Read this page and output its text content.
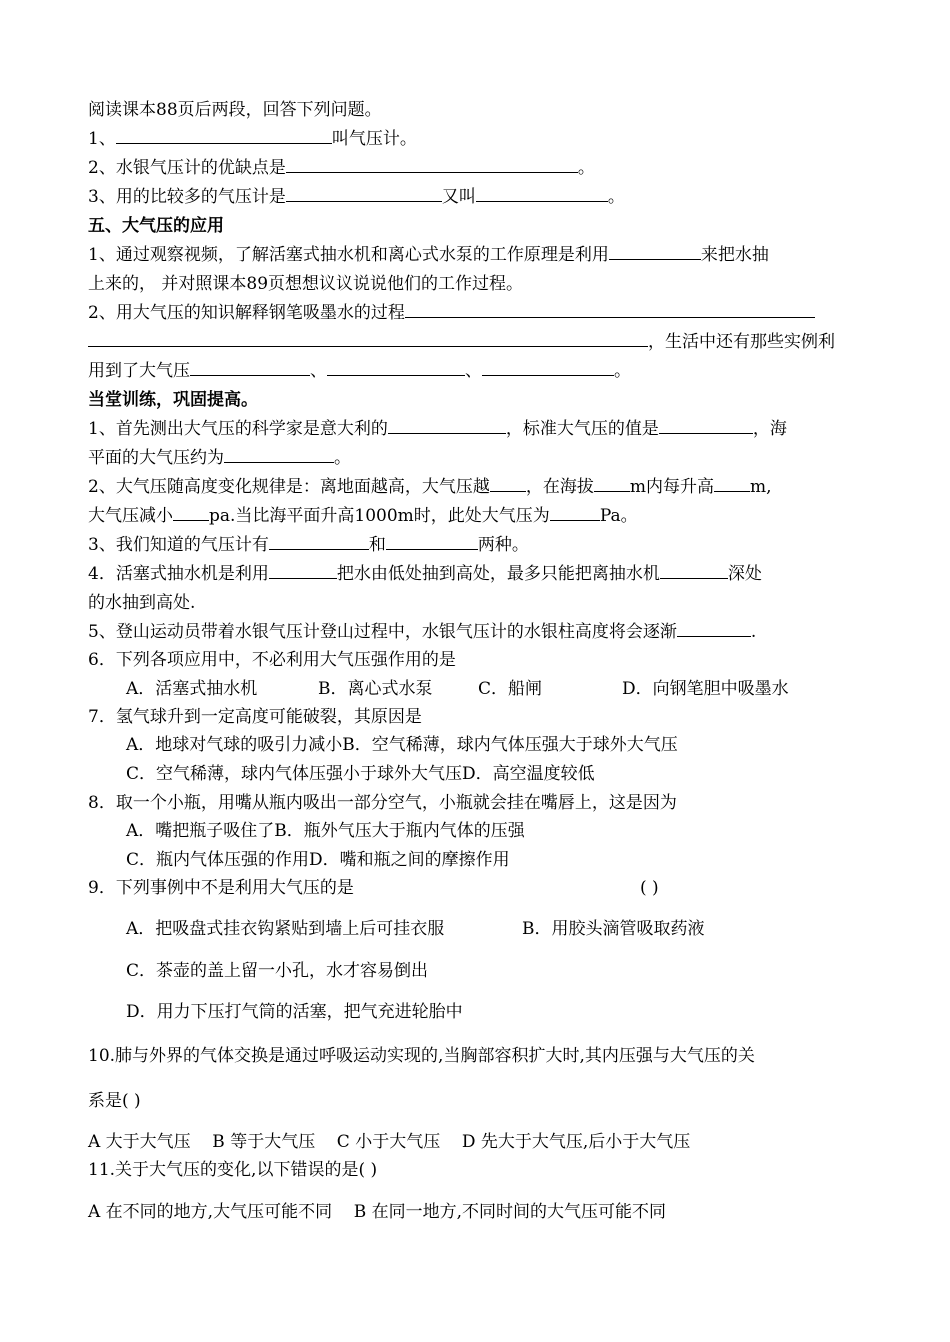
阅读课本88页后两段，回答下列问题。
1、	叫气压计。
2、水银气压计的优缺点是	。
3、用的比较多的气压计是	又叫	。
五、大气压的应用
1、通过观察视频，了解活塞式抽水机和离心式水泵的工作原理是利用	来把水抽
上来的， 并对照课本89页想想议议说说他们的工作过程。
2、用大气压的知识解释钢笔吸墨水的过程
，生活中还有那些实例利
用到了大气压	、	、	。
当堂训练，巩固提高。
1、首先测出大气压的科学家是意大利的	，标准大气压的值是	，海
平面的大气压约为	。
2、大气压随高度变化规律是：离地面越高，大气压越 ，在海拔 m内每升高 m,
大气压减小 pa.当比海平面升高1000m时，此处大气压为	Pa。
3、我们知道的气压计有	和	两种。
4．活塞式抽水机是利用	把水由低处抽到高处，最多只能把离抽水机	深处
的水抽到高处.
5、登山运动员带着水银气压计登山过程中，水银气压计的水银柱高度将会逐渐	.
6．下列各项应用中，不必利用大气压强作用的是
A．活塞式抽水机	B．离心式水泵	C．船闸	D．向钢笔胆中吸墨水
7．氢气球升到一定高度可能破裂，其原因是
A．地球对气球的吸引力减小B．空气稀薄，球内气体压强大于球外大气压
C．空气稀薄，球内气体压强小于球外大气压D．高空温度较低
8．取一个小瓶，用嘴从瓶内吸出一部分空气，小瓶就会挂在嘴唇上，这是因为
A．嘴把瓶子吸住了B．瓶外气压大于瓶内气体的压强
C．瓶内气体压强的作用D．嘴和瓶之间的摩擦作用
9．下列事例中不是利用大气压的是	( )
A．把吸盘式挂衣钩紧贴到墙上后可挂衣服	B．用胶头滴管吸取药液
C．茶壶的盖上留一小孔，水才容易倒出
D．用力下压打气筒的活塞，把气充进轮胎中
10.肺与外界的气体交换是通过呼吸运动实现的,当胸部容积扩大时,其内压强与大气压的关
系是( )
A 大于大气压    B 等于大气压    C 小于大气压    D 先大于大气压,后小于大气压
11.关于大气压的变化,以下错误的是( )
A 在不同的地方,大气压可能不同    B 在同一地方,不同时间的大气压可能不同
